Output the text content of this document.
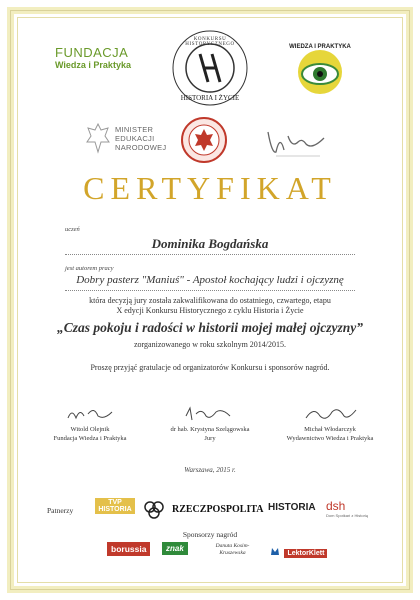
FUNDACJA
Wiedza i Praktyka
KONKURSU HISTORYCZNEGO
HISTORIA I ŻYCIE
WIEDZA I PRAKTYKA
MINISTER
EDUKACJI
NARODOWEJ
CERTYFIKAT
uczeń
Dominika Bogdańska
jest autorem pracy
Dobry pasterz "Maniuś" - Apostoł kochający ludzi i ojczyznę
która decyzją jury została zakwalifikowana do ostatniego, czwartego, etapu
X edycji Konkursu Historycznego z cyklu Historia i Życie
„Czas pokoju i radości w historii mojej małej ojczyzny”
zorganizowanego w roku szkolnym 2014/2015.
Proszę przyjąć gratulacje od organizatorów Konkursu i sponsorów nagród.
Witold Olejnik
Fundacja Wiedza i Praktyka
dr hab. Krystyna Szelągowska
Jury
Michał Włodarczyk
Wydawnictwo Wiedza i Praktyka
Warszawa, 2015 r.
Patnerzy
TVP HISTORIA	RZECZPOSPOLITA HISTORIA dsh
Dom Spotkań z Historią
Sponsorzy nagród
borussia	znak	Danuta Kosim-Kruszewska	LektorKlett
